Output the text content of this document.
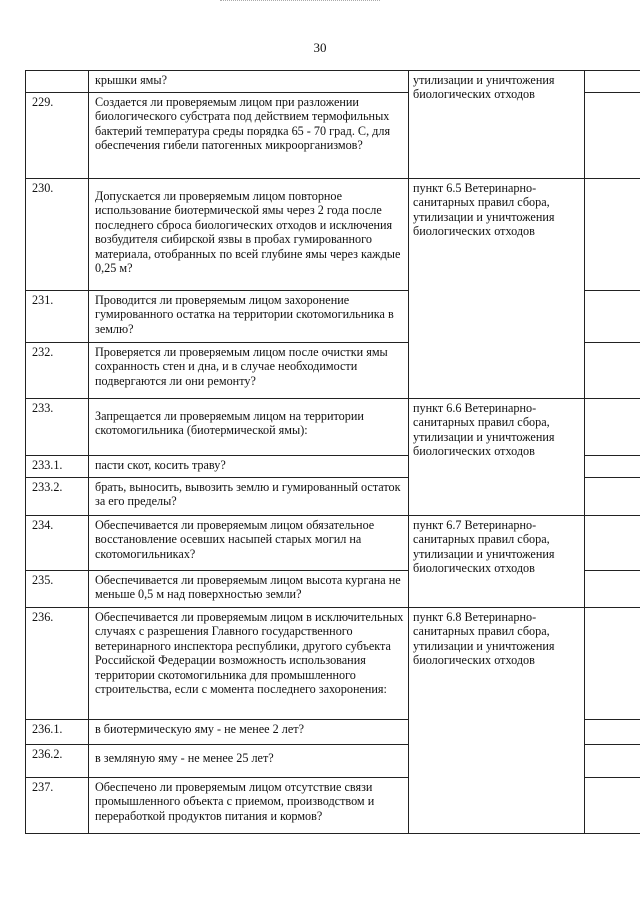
30

	крышки ямы?	утилизации и уничтожения биологических отходов		
229.	Создается ли проверяемым лицом при разложении биологического субстрата под действием термофильных бактерий температура среды порядка 65 - 70 град. С, для обеспечения гибели патогенных микроорганизмов?			

230.	Допускается ли проверяемым лицом повторное использование биотермической ямы через 2 года после последнего сброса биологических отходов и исключения возбудителя сибирской язвы в пробах гумированного материала, отобранных по всей глубине ямы через каждые 0,25 м?	пункт 6.5 Ветеринарно-санитарных правил сбора, утилизации и уничтожения биологических отходов		
231.	Проводится ли проверяемым лицом захоронение гумированного остатка на территории скотомогильника в землю?			

232.	Проверяется ли проверяемым лицом после очистки ямы сохранность стен и дна, и в случае необходимости подвергаются ли они ремонту?			

233.	Запрещается ли проверяемым лицом на территории скотомогильника (биотермической ямы):	пункт 6.6 Ветеринарно-санитарных правил сбора, утилизации и уничтожения биологических отходов		
233.1.	пасти скот, косить траву?			

233.2.	брать, выносить, вывозить землю и гумированный остаток за его пределы?			

234.	Обеспечивается ли проверяемым лицом обязательное восстановление осевших насыпей старых могил на скотомогильниках?	пункт 6.7 Ветеринарно-санитарных правил сбора, утилизации и уничтожения биологических отходов		
235.	Обеспечивается ли проверяемым лицом высота кургана не меньше 0,5 м над поверхностью земли?			

236.	Обеспечивается ли проверяемым лицом в исключительных случаях с разрешения Главного государственного ветеринарного инспектора республики, другого субъекта Российской Федерации возможность использования территории скотомогильника для промышленного строительства, если с момента последнего захоронения:	пункт 6.8 Ветеринарно-санитарных правил сбора, утилизации и уничтожения биологических отходов		
236.1.	в биотермическую яму - не менее 2 лет?			

236.2.	в земляную яму - не менее 25 лет?			

237.	Обеспечено ли проверяемым лицом отсутствие связи промышленного объекта с приемом, производством и переработкой продуктов питания и кормов?			
